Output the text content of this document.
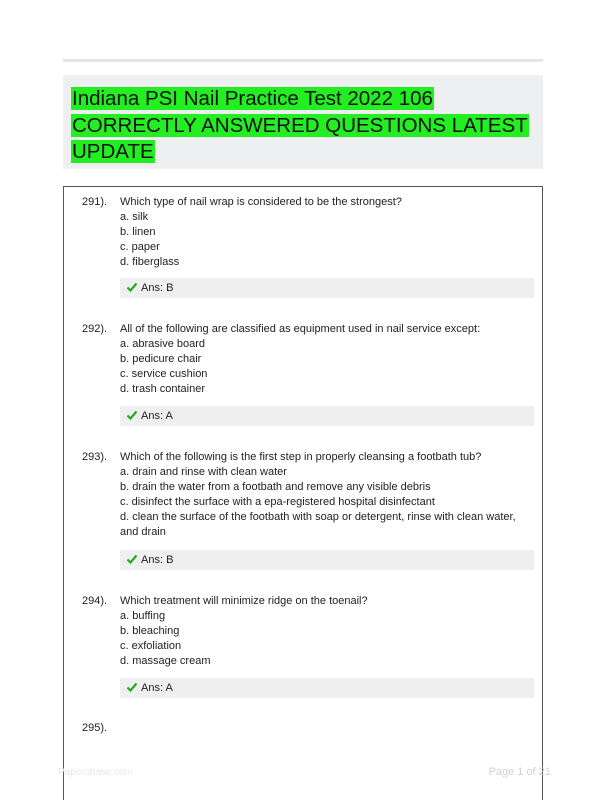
Indiana PSI Nail Practice Test 2022 106 CORRECTLY ANSWERED QUESTIONS LATEST UPDATE
291). Which type of nail wrap is considered to be the strongest?
a. silk
b. linen
c. paper
d. fiberglass
Ans: B
292). All of the following are classified as equipment used in nail service except:
a. abrasive board
b. pedicure chair
c. service cushion
d. trash container
Ans: A
293). Which of the following is the first step in properly cleansing a footbath tub?
a. drain and rinse with clean water
b. drain the water from a footbath and remove any visible debris
c. disinfect the surface with a epa-registered hospital disinfectant
d. clean the surface of the footbath with soap or detergent, rinse with clean water, and drain
Ans: B
294). Which treatment will minimize ridge on the toenail?
a. buffing
b. bleaching
c. exfoliation
d. massage cream
Ans: A
295).
Papersbase.com	Page 1 of 21
